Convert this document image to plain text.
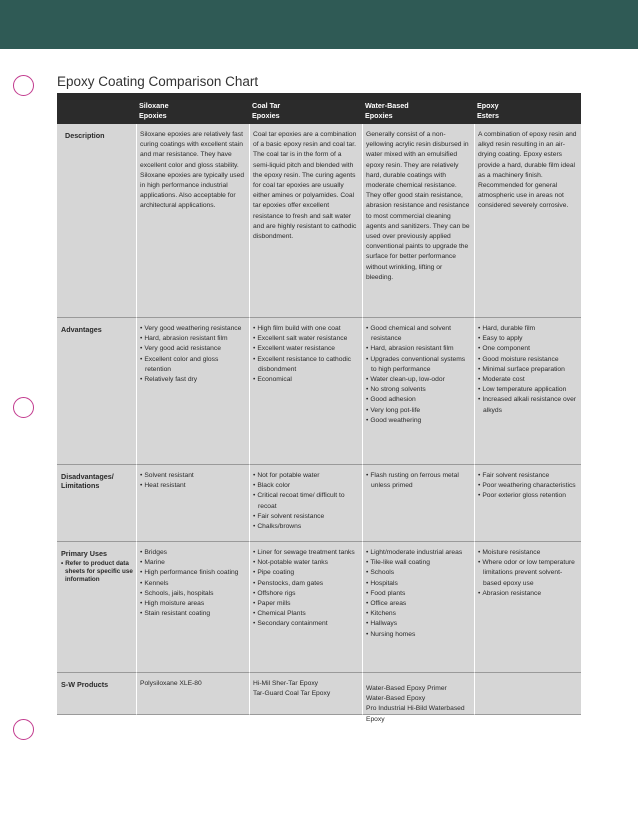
Epoxy Coating Comparison Chart
Siloxane
Epoxies
Coal Tar
Epoxies
Water-Based
Epoxies
Epoxy
Esters
Description	Siloxane epoxies are relatively fast curing coatings with excellent stain and mar resistance. They have excellent color and gloss stability. Siloxane epoxies are typically used in high performance industrial applications. Also acceptable for architectural applications.
Coal tar epoxies are a combination of a basic epoxy resin and coal tar. The coal tar is in the form of a semi-liquid pitch and blended with the epoxy resin. The curing agents for coal tar epoxies are usually either amines or polyamides. Coal tar epoxies offer excellent resistance to fresh and salt water and are highly resistant to cathodic disbondment.
Generally consist of a non-yellowing acrylic resin disbursed in water mixed with an emulsified epoxy resin. They are relatively hard, durable coatings with moderate chemical resistance. They offer good stain resistance, abrasion resistance and resistance to most commercial cleaning agents and sanitizers. They can be used over previously applied conventional paints to upgrade the surface for better performance without wrinkling, lifting or bleeding.
A combination of epoxy resin and alkyd resin resulting in an air-drying coating. Epoxy esters provide a hard, durable film ideal as a machinery finish. Recommended for general atmospheric use in areas not considered severely corrosive.
Advantages
•	Very good weathering resistance
• Hard, abrasion resistant film
• Very good acid resistance
• Excellent color and gloss retention
• Relatively fast dry
• High film build with one coat
• Excellent salt water resistance
• Excellent water resistance
• Excellent resistance to cathodic disbondment
• Economical
• Good chemical and solvent resistance
• Hard, abrasion resistant film
• Upgrades conventional systems to high performance
• Water clean-up, low-odor
• No strong solvents
• Good adhesion
• Very long pot-life
• Good weathering
• Hard, durable film
• Easy to apply
• One component
• Good moisture resistance
• Minimal surface preparation
• Moderate cost
• Low temperature application
• Increased alkali resistance over alkyds
Disadvantages/ Limitations
• Solvent resistant
• Heat resistant
• Not for potable water
• Black color
• Critical recoat time/ difficult to recoat
• Fair solvent resistance
• Chalks/browns
• Flash rusting on ferrous metal unless primed
• Fair solvent resistance
• Poor weathering characteristics
• Poor exterior gloss retention
Primary Uses
• Refer to product data sheets for specific use information
• Bridges
• Marine
• High performance finish coating
• Kennels
• Schools, jails, hospitals
• High moisture areas
• Stain resistant coating
• Liner for sewage treatment tanks
• Not-potable water tanks
• Pipe coating
• Penstocks, dam gates
• Offshore rigs
• Paper mills
• Chemical Plants
• Secondary containment
• Light/moderate industrial areas
• Tile-like wall coating
• Schools
• Hospitals
• Food plants
• Office areas
• Kitchens
• Hallways
• Nursing homes
• Moisture resistance
• Where odor or low temperature limitations prevent solvent-based epoxy use
• Abrasion resistance
S-W Products	Polysiloxane XLE-80	Hi-Mil Sher-Tar Epoxy
Tar-Guard Coal Tar Epoxy
Water-Based Epoxy Primer
Water-Based Epoxy
Pro Industrial Hi-Bild Waterbased Epoxy
